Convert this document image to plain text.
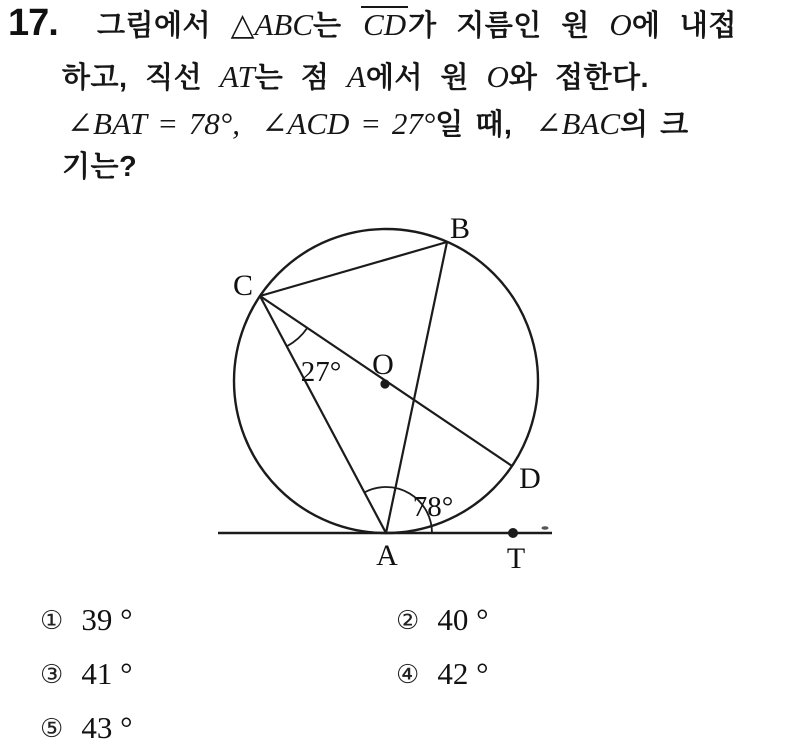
17. 그림에서 △ABC는 CD가 지름인 원 O에 내접
하고, 직선 AT는 점 A에서 원 O와 접한다.
∠BAT = 78°,  ∠ACD = 27°일 때,  ∠BAC의 크
기는?
B
C
O
D
A	T
27°
78°
① 39 °	② 40 °
③ 41 °	④ 42 °
⑤ 43 °
